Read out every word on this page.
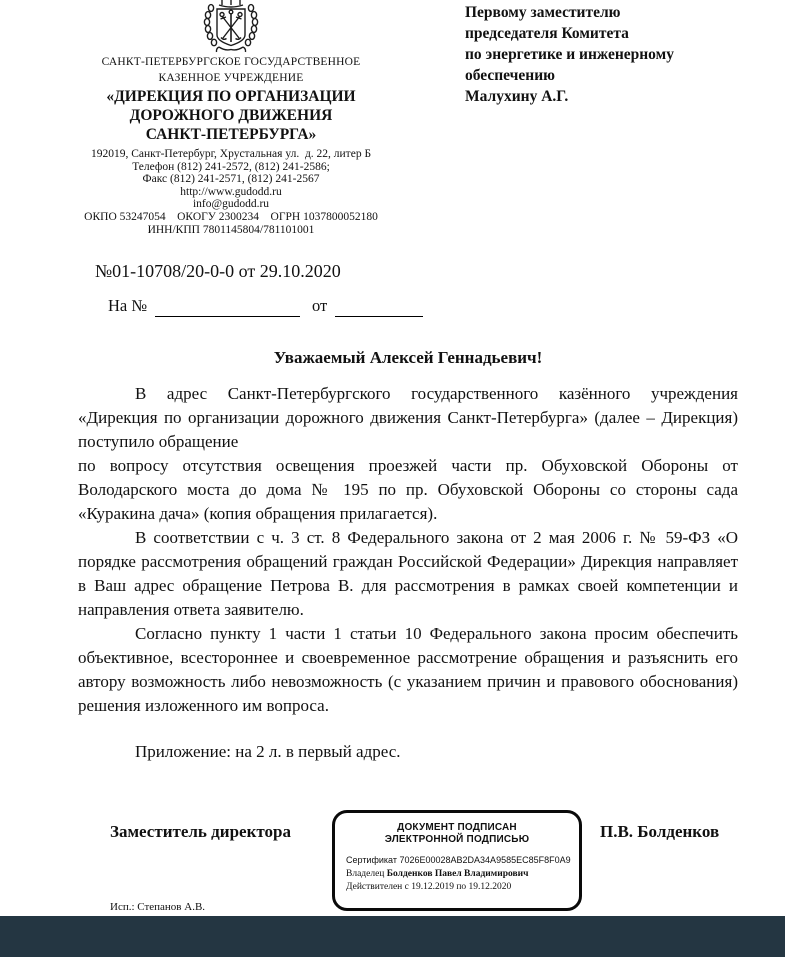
САНКТ-ПЕТЕРБУРГСКОЕ ГОСУДАРСТВЕННОЕ
КАЗЕННОЕ УЧРЕЖДЕНИЕ
«ДИРЕКЦИЯ ПО ОРГАНИЗАЦИИ
ДОРОЖНОГО ДВИЖЕНИЯ
САНКТ-ПЕТЕРБУРГА»
192019, Санкт-Петербург, Хрустальная ул.  д. 22, литер Б
Телефон (812) 241-2572, (812) 241-2586;
Факс (812) 241-2571, (812) 241-2567
http://www.gudodd.ru
info@gudodd.ru
ОКПО 53247054    ОКОГУ 2300234    ОГРН 1037800052180
ИНН/КПП 7801145804/781101001
Первому заместителю
председателя Комитета
по энергетике и инженерному
обеспечению
Малухину А.Г.
№01-10708/20-0-0 от 29.10.2020
На №	от
Уважаемый Алексей Геннадьевич!

В адрес Санкт-Петербургского государственного казённого учреждения «Дирекция по организации дорожного движения Санкт-Петербурга» (далее – Дирекция) поступило обращение

по вопросу отсутствия освещения проезжей части пр. Обуховской Обороны от Володарского моста до дома № 195 по пр. Обуховской Обороны со стороны сада «Куракина дача» (копия обращения прилагается).

В соответствии с ч. 3 ст. 8 Федерального закона от 2 мая 2006 г. № 59-ФЗ «О порядке рассмотрения обращений граждан Российской Федерации» Дирекция направляет в Ваш адрес обращение Петрова В. для рассмотрения в рамках своей компетенции и направления ответа заявителю.

Согласно пункту 1 части 1 статьи 10 Федерального закона просим обеспечить объективное, всестороннее и своевременное рассмотрение обращения и разъяснить его автору возможность либо невозможность (с указанием причин и правового обоснования) решения изложенного им вопроса.

Приложение: на 2 л. в первый адрес.

Заместитель директора	ДОКУМЕНТ ПОДПИСАН
ЭЛЕКТРОННОЙ ПОДПИСЬЮ
Сертификат 7026E00028AB2DA34A9585EC85F8F0A9
Владелец Болденков Павел Владимирович
Действителен с 19.12.2019 по 19.12.2020
П.В. Болденков
Исп.: Степанов А.В.
